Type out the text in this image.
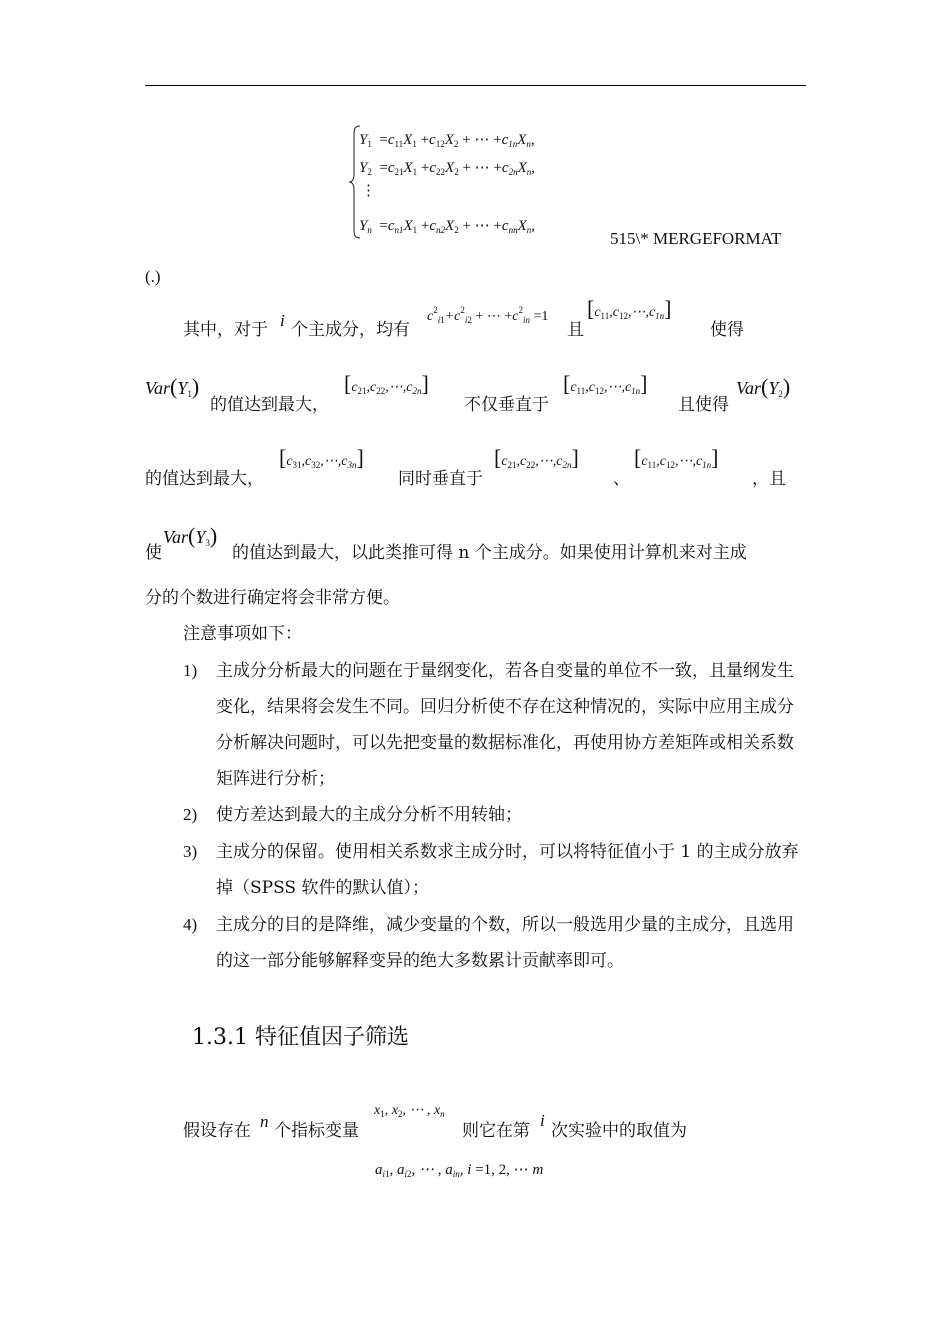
$Y_1 =c_{11}X_1 +c_{12}X_2$ + ⋯ $+c_{1n}X_n$,
$Y_2 =c_{21}X_1 +c_{22}X_2$ + ⋯ $+c_{2n}X_n$,
⋮
$Y_n =c_{n1}X_1 +c_{n2}X_2$ + ⋯ $+c_{nn}X_n$,
515\* MERGEFORMAT
(.)
其中，对于 i 个主成分，均有
$c^2_{i1}+c^2_{i2}$ + ⋯ $+c^2_{in} =1$
且
$[c_{11},c_{12},\cdots,c_{1n}]$
使得
$Var(Y_1)$
的值达到最大，
$[c_{21},c_{22},\cdots,c_{2n}]$
不仅垂直于
$[c_{11},c_{12},\cdots,c_{1n}]$
且使得
$Var(Y_2)$
的值达到最大，
$[c_{31},c_{32},\cdots,c_{3n}]$
同时垂直于
$[c_{21},c_{22},\cdots,c_{2n}]$
、
$[c_{11},c_{12},\cdots,c_{1n}]$
，且
使
$Var(Y_3)$
的值达到最大，以此类推可得 n 个主成分。如果使用计算机来对主成
分的个数进行确定将会非常方便。
注意事项如下：
1) 主成分分析最大的问题在于量纲变化，若各自变量的单位不一致，且量纲发生变化，结果将会发生不同。回归分析使不存在这种情况的，实际中应用主成分分析解决问题时，可以先把变量的数据标准化，再使用协方差矩阵或相关系数矩阵进行分析；
2) 使方差达到最大的主成分分析不用转轴；
3) 主成分的保留。使用相关系数求主成分时，可以将特征值小于 1 的主成分放弃掉（SPSS 软件的默认值）；
4) 主成分的目的是降维，减少变量的个数，所以一般选用少量的主成分，且选用的这一部分能够解释变异的绝大多数累计贡献率即可。
1.3.1 特征值因子筛选
假设存在 n 个指标变量
$x_1$, $x_2$, ⋯ , $x_n$
则它在第
i
次实验中的取值为
$a_{i1}$, $a_{i2}$, ⋯ , $a_{in}$, i =1, 2, ⋯ m
